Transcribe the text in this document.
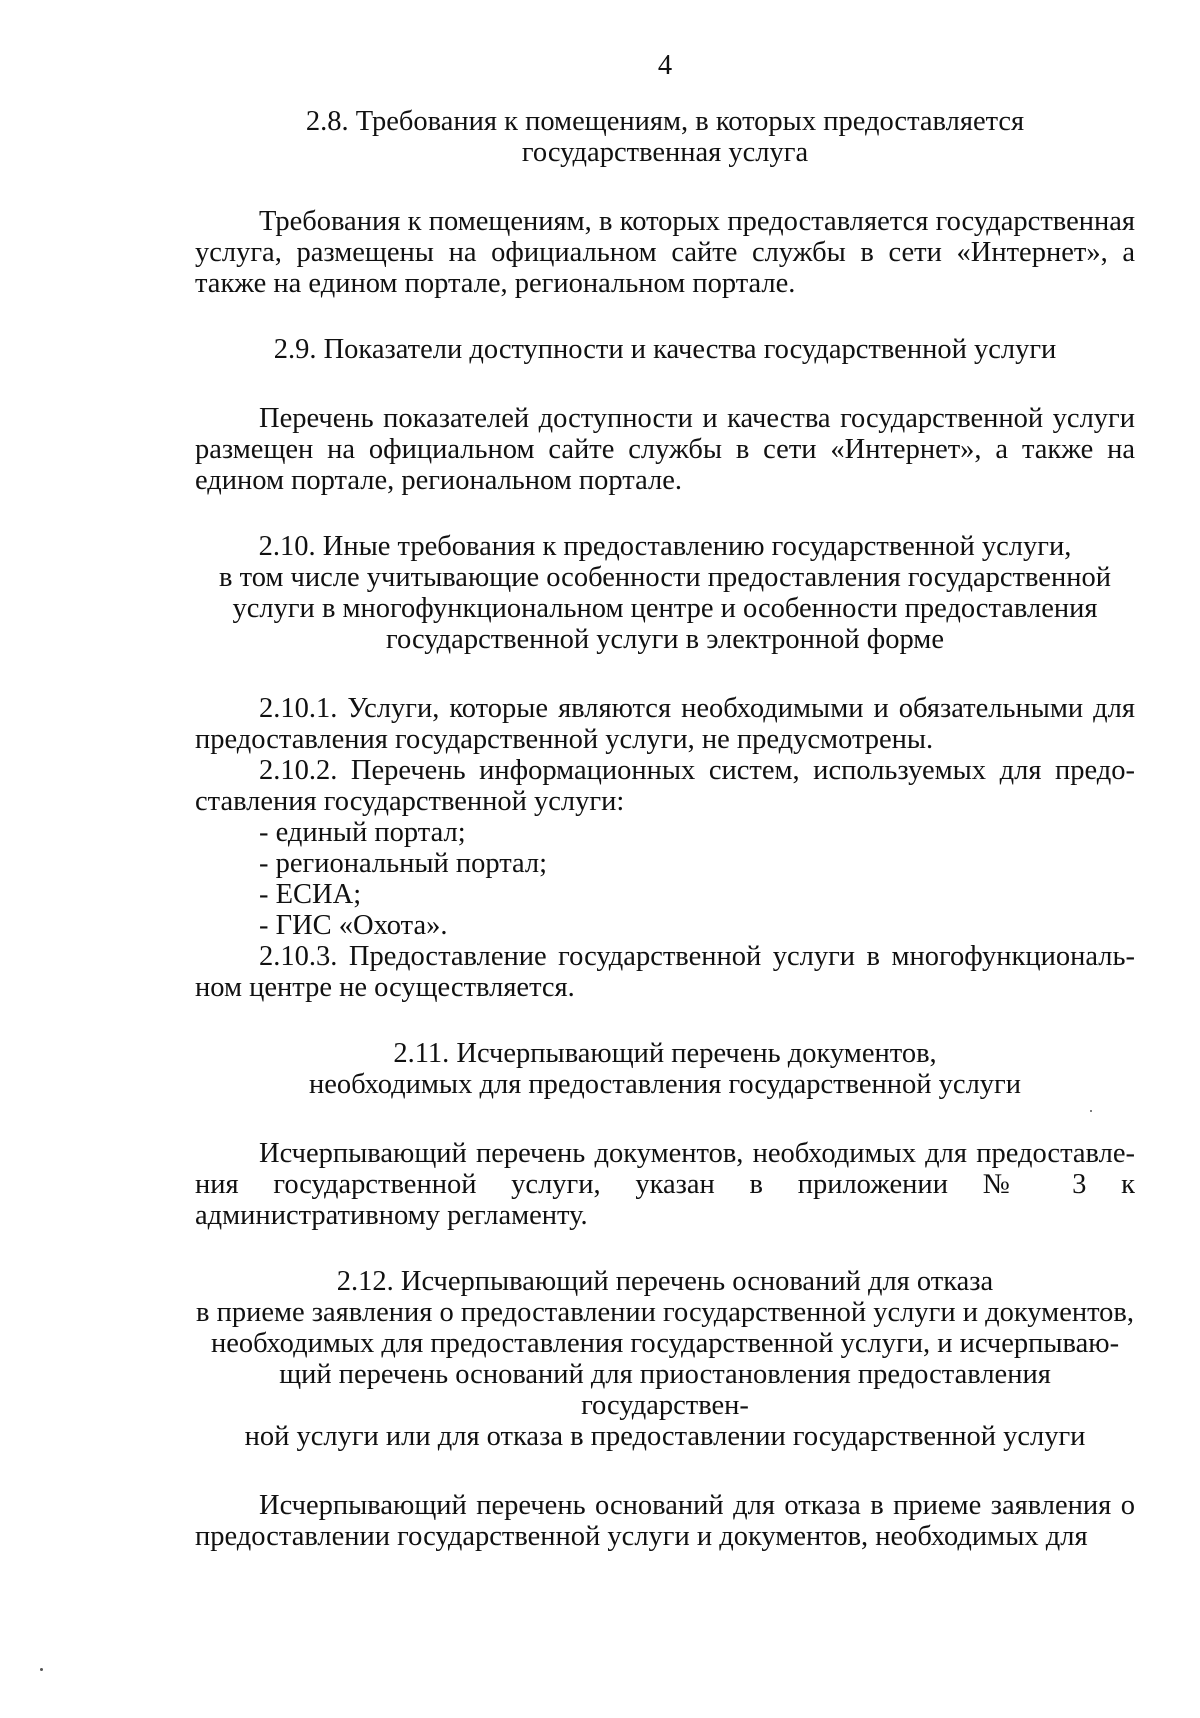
4
2.8. Требования к помещениям, в которых предоставляется
государственная услуга

Требования к помещениям, в которых предоставляется государственная услуга, размещены на официальном сайте службы в сети «Интернет», а также на едином портале, региональном портале.

2.9. Показатели доступности и качества государственной услуги

Перечень показателей доступности и качества государственной услуги размещен на официальном сайте службы в сети «Интернет», а также на едином портале, региональном портале.

2.10. Иные требования к предоставлению государственной услуги,
в том числе учитывающие особенности предоставления государственной
услуги в многофункциональном центре и особенности предоставления
государственной услуги в электронной форме

2.10.1. Услуги, которые являются необходимыми и обязательными для предоставления государственной услуги, не предусмотрены.

2.10.2. Перечень информационных систем, используемых для предоставления государственной услуги:

- единый портал;

- региональный портал;

- ЕСИА;

- ГИС «Охота».

2.10.3. Предоставление государственной услуги в многофункциональном центре не осуществляется.

2.11. Исчерпывающий перечень документов,
необходимых для предоставления государственной услуги

Исчерпывающий перечень документов, необходимых для предоставления государственной услуги, указан в приложении № 3 к административному регламенту.

2.12. Исчерпывающий перечень оснований для отказа
в приеме заявления о предоставлении государственной услуги и документов,
необходимых для предоставления государственной услуги, и исчерпываю-
щий перечень оснований для приостановления предоставления государствен-
ной услуги или для отказа в предоставлении государственной услуги

Исчерпывающий перечень оснований для отказа в приеме заявления о предоставлении государственной услуги и документов, необходимых для
